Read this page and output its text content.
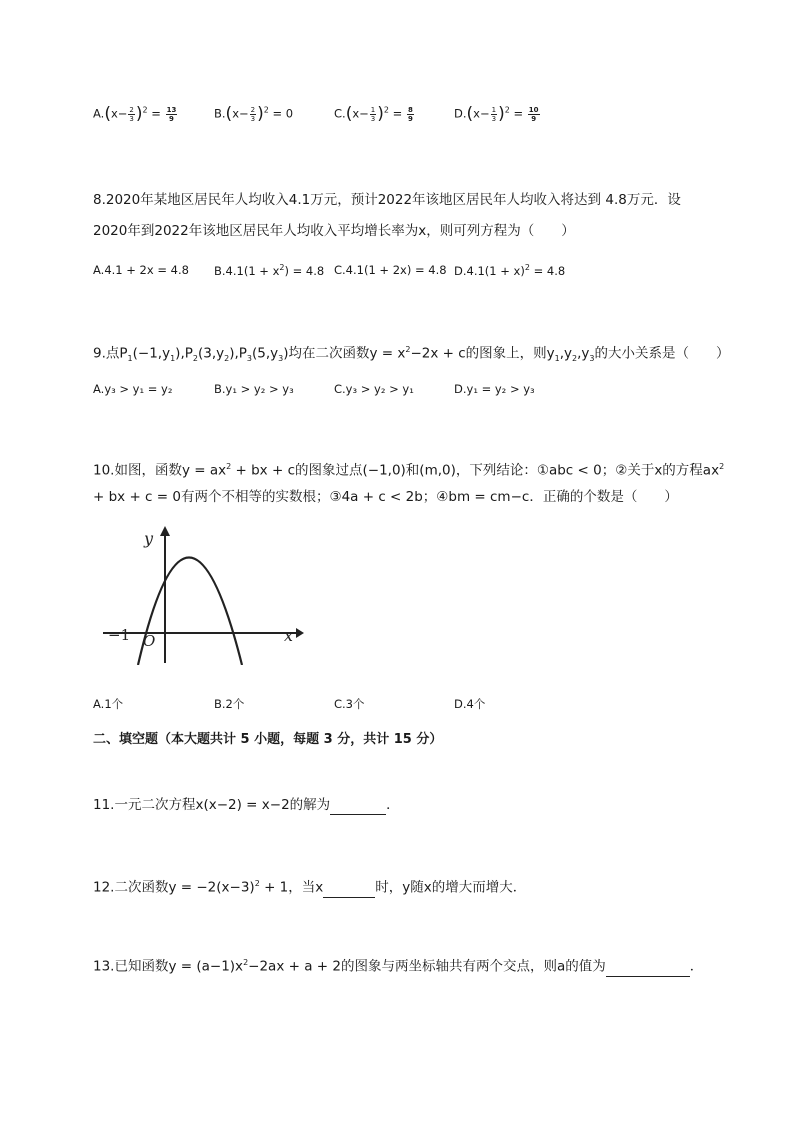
$A.(x- \frac{2}{3} )^2 = \frac{13}{9}$	$B.(x- \frac{2}{3} )^2 = 0$	$C.(x- \frac{1}{3} )^2 = \frac{8}{9}$	$D.(x- \frac{1}{3} )^2 = \frac{10}{9}$
8.2020年某地区居民年人均收入4.1万元，预计2022年该地区居民年人均收入将达到 4.8万元．设
2020年到2022年该地区居民年人均收入平均增长率为x，则可列方程为（　　）
A.4.1 + 2x = 4.8 $B.4.1(1 + x^2) = 4.8$ C.4.1(1 + 2x) = 4.8 $D.4.1(1 + x)^2 = 4.8$
9.点$P_1(-1,y_1),P_2(3,y_2),P_3(5,y_3)$均在二次函数$y = x^2-2x + c$的图象上，则$y_1,y_2,y_3$的大小关系是（　　）
A.y₃ > y₁ = y₂	B.y₁ > y₂ > y₃	C.y₃ > y₂ > y₁	D.y₁ = y₂ > y₃
10.如图，函数$y = ax^2$ + bx + c的图象过点(−1,0)和(m,0)，下列结论：①abc < 0；②关于x的方程$ax^2$
+ bx + c = 0有两个不相等的实数根；③4a + c < 2b；④bm = cm−c．正确的个数是（　　）
y
x
−1 O
A.1个	B.2个	C.3个	D.4个
二、填空题（本大题共计 5 小题，每题 3 分，共计 15 分）
11.一元二次方程x(x−2) = x−2的解为	．
12.二次函数$y = -2(x-3)^2 + 1$，当x	时，y随x的增大而增大．
13.已知函数$y = (a-1)x^2-2ax + a + 2$的图象与两坐标轴共有两个交点，则a的值为	．
